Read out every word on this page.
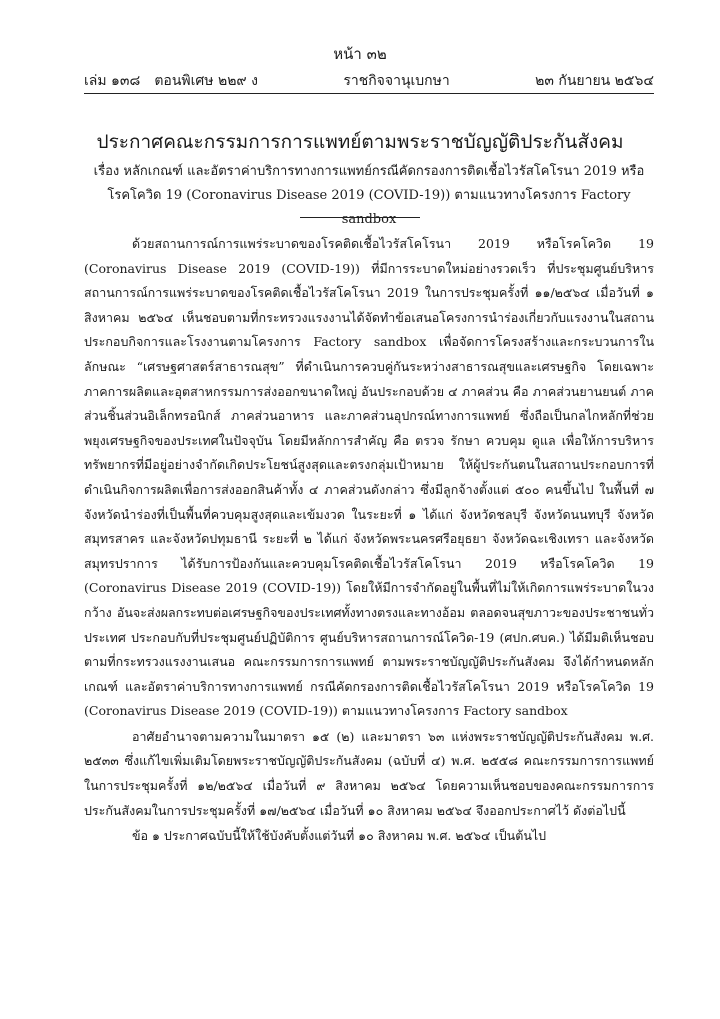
หน้า ๓๒
เล่ม ๑๓๘ ตอนพิเศษ ๒๒๙ ง	ราชกิจจานุเบกษา	๒๓ กันยายน ๒๕๖๔
ประกาศคณะกรรมการการแพทย์ตามพระราชบัญญัติประกันสังคม
เรื่อง หลักเกณฑ์ และอัตราค่าบริการทางการแพทย์กรณีคัดกรองการติดเชื้อไวรัสโคโรนา 2019 หรือโรคโควิด 19 (Coronavirus Disease 2019 (COVID-19)) ตามแนวทางโครงการ Factory sandbox

ด้วยสถานการณ์การแพร่ระบาดของโรคติดเชื้อไวรัสโคโรนา 2019 หรือโรคโควิด 19 (Coronavirus Disease 2019 (COVID-19)) ที่มีการระบาดใหม่อย่างรวดเร็ว ที่ประชุมศูนย์บริหารสถานการณ์การแพร่ระบาดของโรคติดเชื้อไวรัสโคโรนา 2019 ในการประชุมครั้งที่ ๑๑/๒๕๖๔ เมื่อวันที่ ๑ สิงหาคม ๒๕๖๔ เห็นชอบตามที่กระทรวงแรงงานได้จัดทำข้อเสนอโครงการนำร่องเกี่ยวกับแรงงานในสถานประกอบกิจการและโรงงานตามโครงการ Factory sandbox เพื่อจัดการโครงสร้างและกระบวนการในลักษณะ “เศรษฐศาสตร์สาธารณสุข” ที่ดำเนินการควบคู่กันระหว่างสาธารณสุขและเศรษฐกิจ โดยเฉพาะภาคการผลิตและอุตสาหกรรมการส่งออกขนาดใหญ่ อันประกอบด้วย ๔ ภาคส่วน คือ ภาคส่วนยานยนต์ ภาคส่วนชิ้นส่วนอิเล็กทรอนิกส์ ภาคส่วนอาหาร และภาคส่วนอุปกรณ์ทางการแพทย์ ซึ่งถือเป็นกลไกหลักที่ช่วยพยุงเศรษฐกิจของประเทศในปัจจุบัน โดยมีหลักการสำคัญ คือ ตรวจ รักษา ควบคุม ดูแล เพื่อให้การบริหารทรัพยากรที่มีอยู่อย่างจำกัดเกิดประโยชน์สูงสุดและตรงกลุ่มเป้าหมาย ให้ผู้ประกันตนในสถานประกอบการที่ดำเนินกิจการผลิตเพื่อการส่งออกสินค้าทั้ง ๔ ภาคส่วนดังกล่าว ซึ่งมีลูกจ้างตั้งแต่ ๕๐๐ คนขึ้นไป ในพื้นที่ ๗ จังหวัดนำร่องที่เป็นพื้นที่ควบคุมสูงสุดและเข้มงวด ในระยะที่ ๑ ได้แก่ จังหวัดชลบุรี จังหวัดนนทบุรี จังหวัดสมุทรสาคร และจังหวัดปทุมธานี ระยะที่ ๒ ได้แก่ จังหวัดพระนครศรีอยุธยา จังหวัดฉะเชิงเทรา และจังหวัดสมุทรปราการ ได้รับการป้องกันและควบคุมโรคติดเชื้อไวรัสโคโรนา 2019 หรือโรคโควิด 19 (Coronavirus Disease 2019 (COVID-19)) โดยให้มีการจำกัดอยู่ในพื้นที่ไม่ให้เกิดการแพร่ระบาดในวงกว้าง อันจะส่งผลกระทบต่อเศรษฐกิจของประเทศทั้งทางตรงและทางอ้อม ตลอดจนสุขภาวะของประชาชนทั่วประเทศ ประกอบกับที่ประชุมศูนย์ปฏิบัติการ ศูนย์บริหารสถานการณ์โควิด-19 (ศปก.ศบค.) ได้มีมติเห็นชอบตามที่กระทรวงแรงงานเสนอ คณะกรรมการการแพทย์ ตามพระราชบัญญัติประกันสังคม จึงได้กำหนดหลักเกณฑ์ และอัตราค่าบริการทางการแพทย์ กรณีคัดกรองการติดเชื้อไวรัสโคโรนา 2019 หรือโรคโควิด 19 (Coronavirus Disease 2019 (COVID-19)) ตามแนวทางโครงการ Factory sandbox

อาศัยอำนาจตามความในมาตรา ๑๕ (๒) และมาตรา ๖๓ แห่งพระราชบัญญัติประกันสังคม พ.ศ. ๒๕๓๓ ซึ่งแก้ไขเพิ่มเติมโดยพระราชบัญญัติประกันสังคม (ฉบับที่ ๔) พ.ศ. ๒๕๕๘ คณะกรรมการการแพทย์ในการประชุมครั้งที่ ๑๒/๒๕๖๔ เมื่อวันที่ ๙ สิงหาคม ๒๕๖๔ โดยความเห็นชอบของคณะกรรมการการประกันสังคมในการประชุมครั้งที่ ๑๗/๒๕๖๔ เมื่อวันที่ ๑๐ สิงหาคม ๒๕๖๔ จึงออกประกาศไว้ ดังต่อไปนี้

ข้อ ๑ ประกาศฉบับนี้ให้ใช้บังคับตั้งแต่วันที่ ๑๐ สิงหาคม พ.ศ. ๒๕๖๔ เป็นต้นไป
